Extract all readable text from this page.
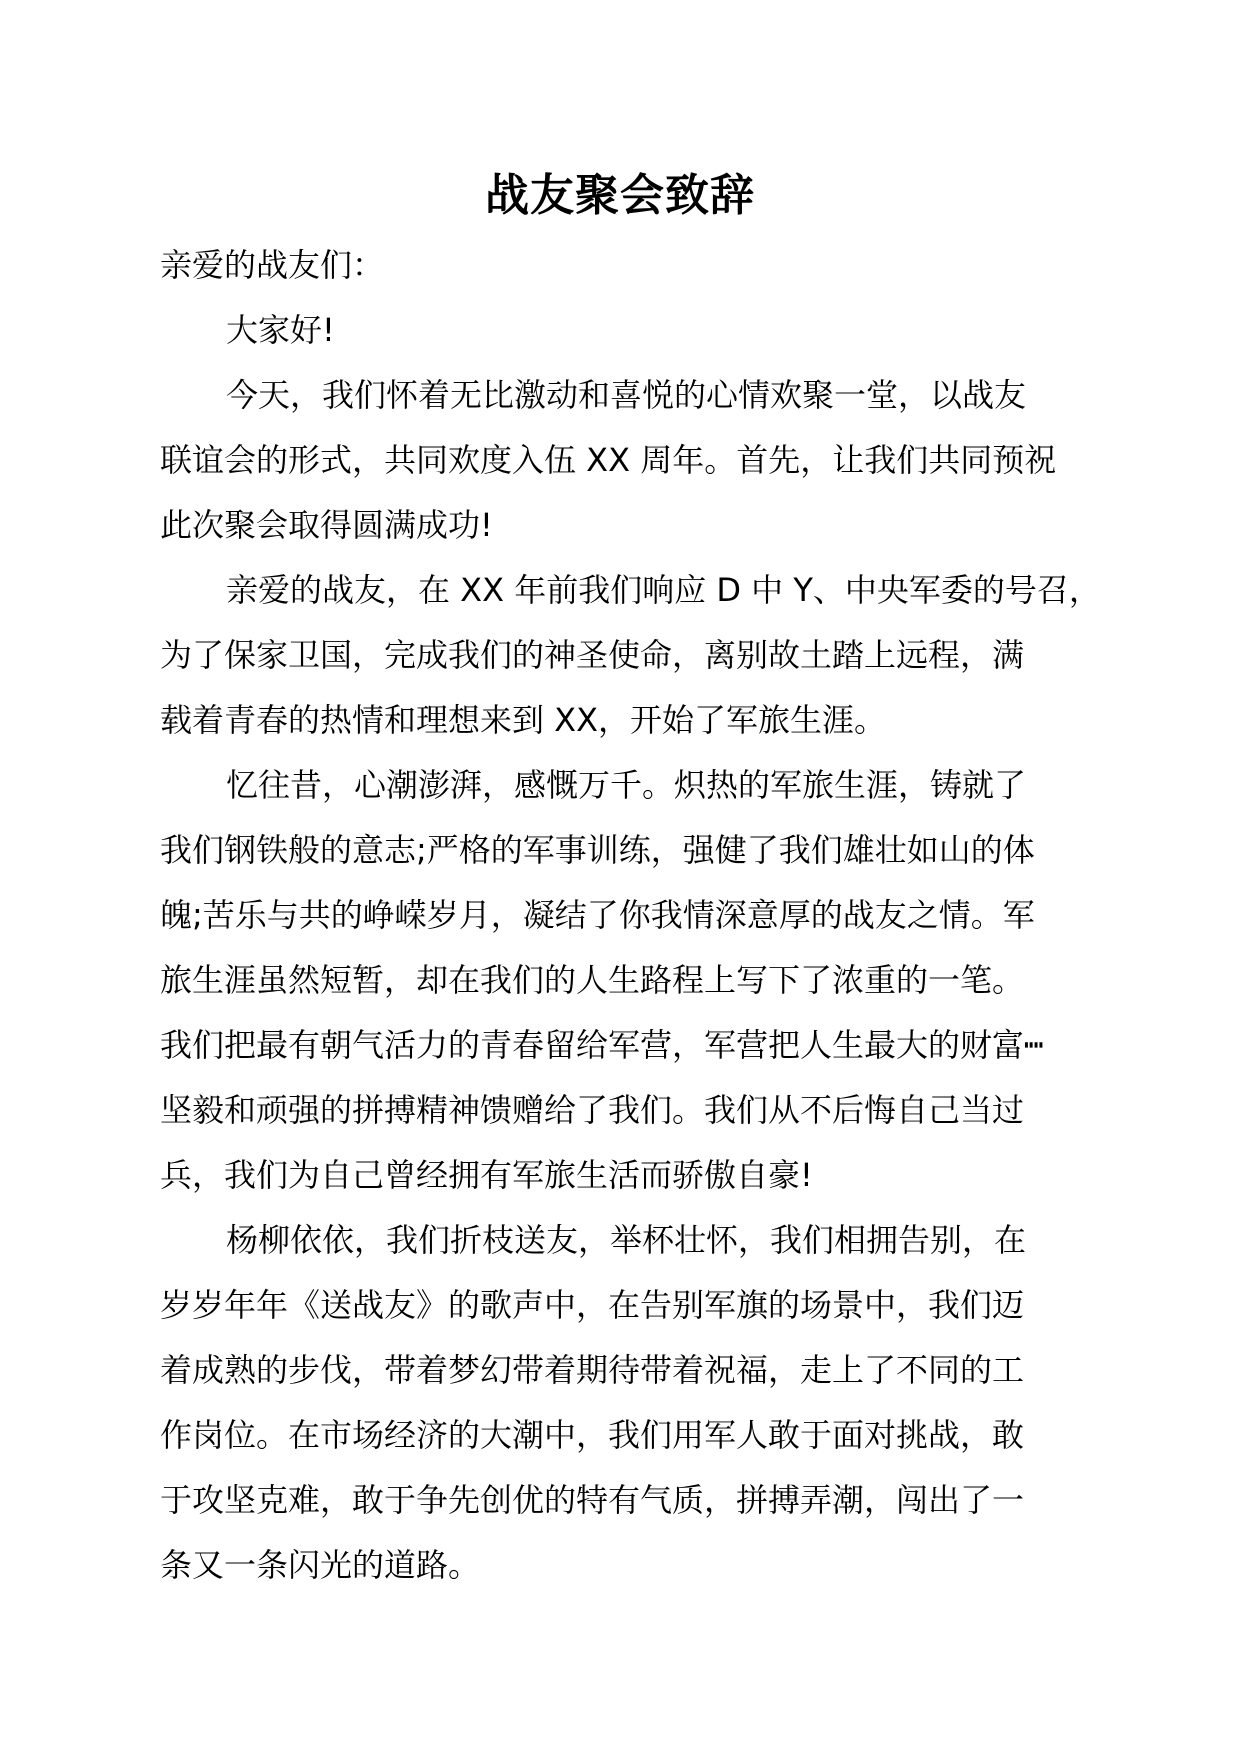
战友聚会致辞
亲爱的战友们：
大家好!
今天，我们怀着无比激动和喜悦的心情欢聚一堂，以战友
联谊会的形式，共同欢度入伍 XX 周年。首先，让我们共同预祝
此次聚会取得圆满成功!
亲爱的战友，在 XX 年前我们响应 D 中 Y、中央军委的号召，
为了保家卫国，完成我们的神圣使命，离别故土踏上远程，满
载着青春的热情和理想来到 XX，开始了军旅生涯。
忆往昔，心潮澎湃，感慨万千。炽热的军旅生涯，铸就了
我们钢铁般的意志;严格的军事训练，强健了我们雄壮如山的体
魄;苦乐与共的峥嵘岁月，凝结了你我情深意厚的战友之情。军
旅生涯虽然短暂，却在我们的人生路程上写下了浓重的一笔。
我们把最有朝气活力的青春留给军营，军营把人生最大的财富┉
坚毅和顽强的拼搏精神馈赠给了我们。我们从不后悔自己当过
兵，我们为自己曾经拥有军旅生活而骄傲自豪!
杨柳依依，我们折枝送友，举杯壮怀，我们相拥告别，在
岁岁年年《送战友》的歌声中，在告别军旗的场景中，我们迈
着成熟的步伐，带着梦幻带着期待带着祝福，走上了不同的工
作岗位。在市场经济的大潮中，我们用军人敢于面对挑战，敢
于攻坚克难，敢于争先创优的特有气质，拼搏弄潮，闯出了一
条又一条闪光的道路。
